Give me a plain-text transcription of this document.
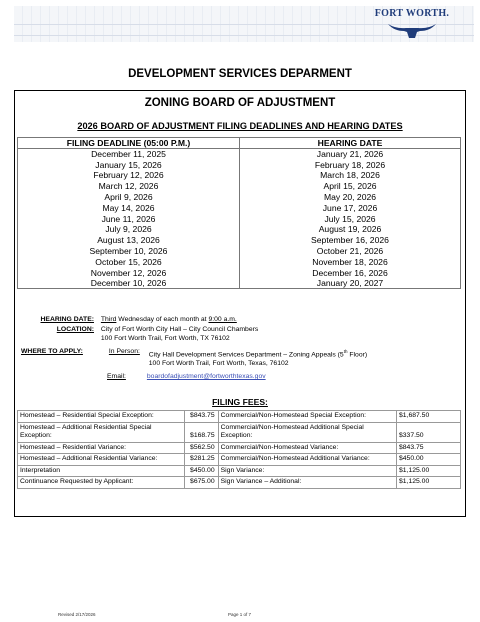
FORT WORTH.
DEVELOPMENT SERVICES DEPARMENT
ZONING BOARD OF ADJUSTMENT
2026 BOARD OF ADJUSTMENT FILING DEADLINES AND HEARING DATES
FILING DEADLINE (05:00 P.M.)	HEARING DATE
December 11, 2025	January 21, 2026
January 15, 2026	February 18, 2026
February 12, 2026	March 18, 2026
March 12, 2026	April 15, 2026
April 9, 2026	May 20, 2026
May 14, 2026	June 17, 2026
June 11, 2026	July 15, 2026
July 9, 2026	August 19, 2026
August 13, 2026	September 16, 2026
September 10, 2026	October 21, 2026
October 15, 2026	November 18, 2026
November 12, 2026	December 16, 2026
December 10, 2026	January 20, 2027
HEARING DATE: Third Wednesday of each month at 9:00 a.m.
LOCATION: City of Fort Worth City Hall – City Council Chambers
100 Fort Worth Trail, Fort Worth, TX 76102
WHERE TO APPLY:	In Person: City Hall Development Services Department – Zoning Appeals (5th Floor)
100 Fort Worth Trail, Fort Worth, Texas, 76102
Email:	boardofadjustment@fortworthtexas.gov
FILING FEES:
Homestead – Residential Special Exception:	$843.75	Commercial/Non-Homestead Special Exception:	$1,687.50
Homestead – Additional Residential Special Exception:	$168.75	Commercial/Non-Homestead Additional Special Exception:	$337.50
Homestead – Residential Variance:	$562.50	Commercial/Non-Homestead Variance:	$843.75
Homestead – Additional Residential Variance:	$281.25	Commercial/Non-Homestead Additional Variance:	$450.00
Interpretation	$450.00	Sign Variance:	$1,125.00
Continuance Requested by Applicant:	$675.00	Sign Variance – Additional:	$1,125.00
Revised 2/17/2026	Page 1 of 7
